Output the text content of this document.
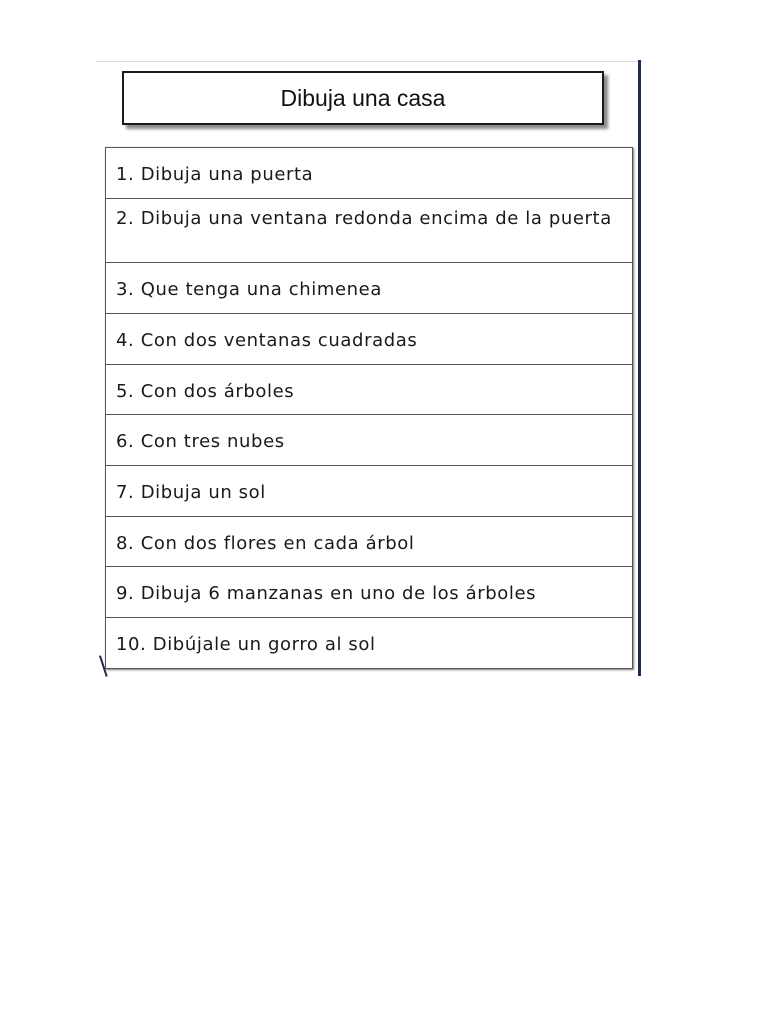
Dibuja una casa
1. Dibuja una puerta
2. Dibuja una ventana redonda encima de la puerta
3. Que tenga una chimenea
4. Con dos ventanas cuadradas
5. Con dos árboles
6. Con tres nubes
7. Dibuja un sol
8. Con dos flores en cada árbol
9. Dibuja 6 manzanas en uno de los árboles
10. Dibújale un gorro al sol
